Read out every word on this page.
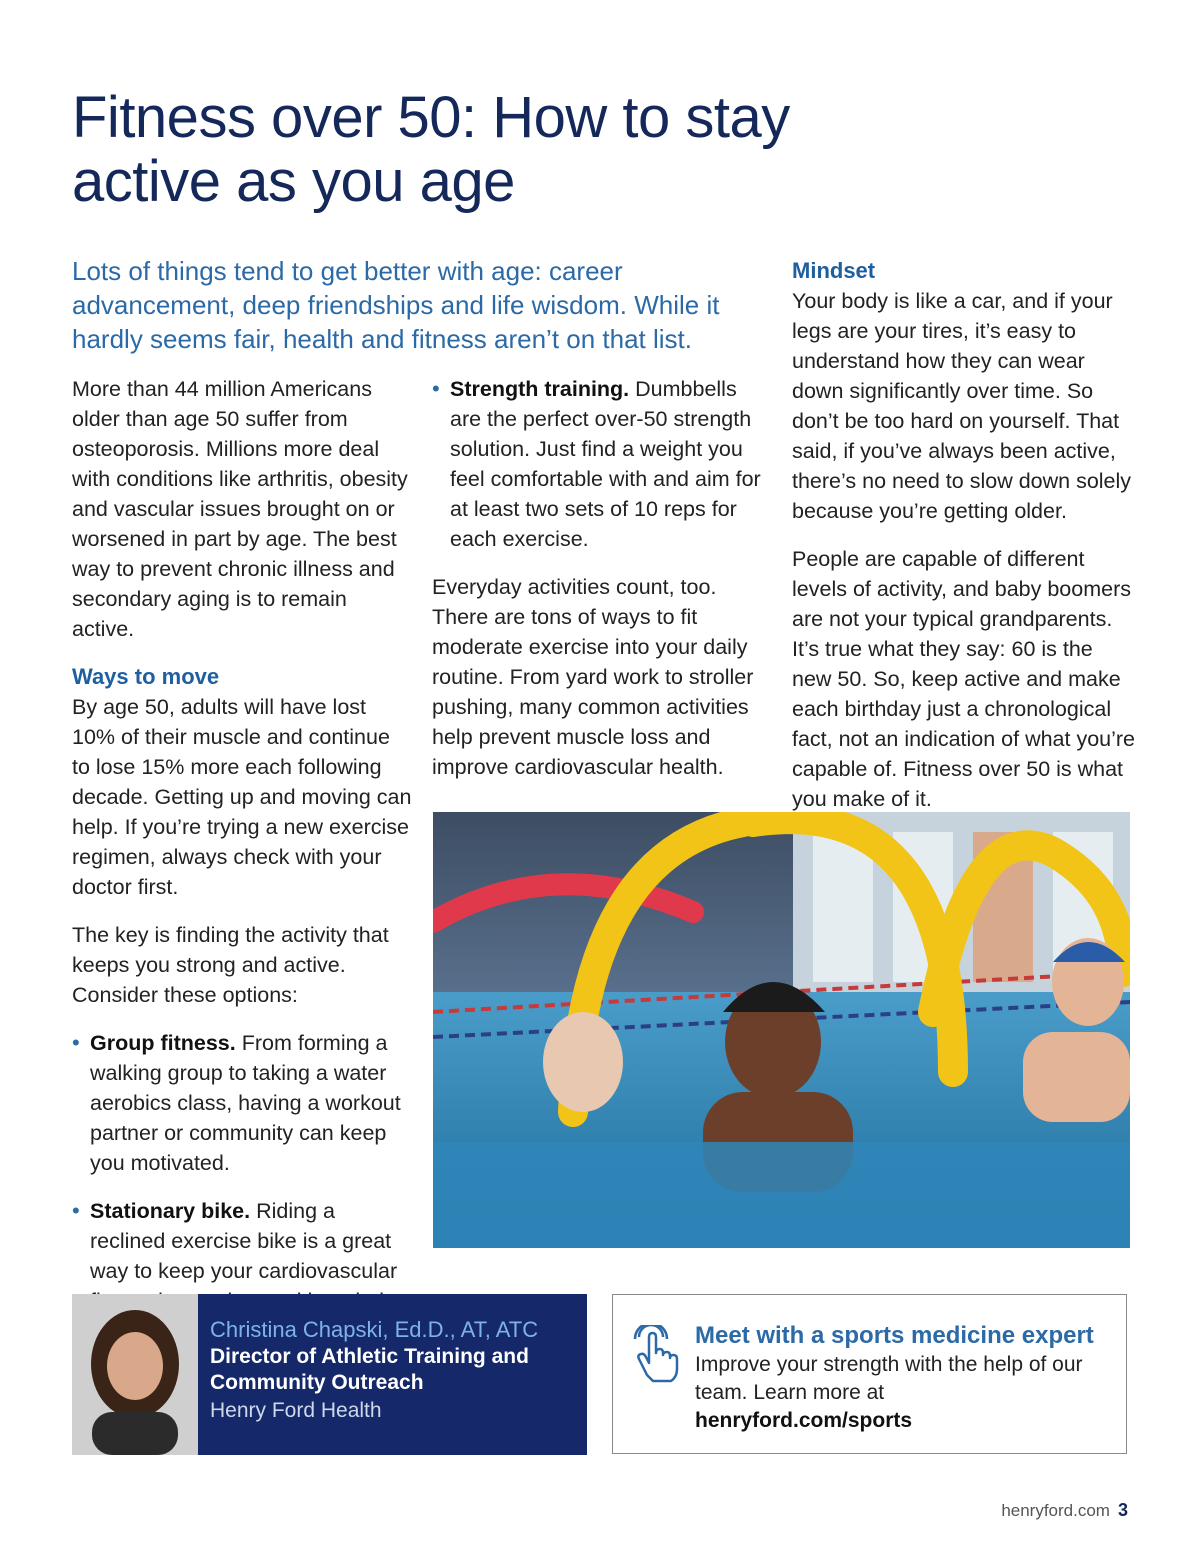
Fitness over 50: How to stay active as you age

Lots of things tend to get better with age: career advancement, deep friendships and life wisdom. While it hardly seems fair, health and fitness aren’t on that list.

More than 44 million Americans older than age 50 suffer from osteoporosis. Millions more deal with conditions like arthritis, obesity and vascular issues brought on or worsened in part by age. The best way to prevent chronic illness and secondary aging is to remain active.

Ways to move

By age 50, adults will have lost 10% of their muscle and continue to lose 15% more each following decade. Getting up and moving can help. If you’re trying a new exercise regimen, always check with your doctor first.

The key is finding the activity that keeps you strong and active. Consider these options:

• Group fitness. From forming a walking group to taking a water aerobics class, having a workout partner or community can keep you motivated.
• Stationary bike. Riding a reclined exercise bike is a great way to keep your cardiovascular
• Strength training. Dumbbells are the perfect over-50 strength solution. Just find a weight you feel comfortable with and aim for at least two sets of 10 reps for each exercise.

Everyday activities count, too. There are tons of ways to fit moderate exercise into your daily routine. From yard work to stroller pushing, many common activities help prevent muscle loss and improve cardiovascular health.

Mindset

Your body is like a car, and if your legs are your tires, it’s easy to understand how they can wear down significantly over time. So don’t be too hard on yourself. That said, if you’ve always been active, there’s no need to slow down solely because you’re getting older.

People are capable of different levels of activity, and baby boomers are not your typical grandparents. It’s true what they say: 60 is the new 50. So, keep active and make each birthday just a chronological fact, not an indication of what you’re capable of. Fitness over 50 is what you make of it.

Christina Chapski, Ed.D., AT, ATC
Director of Athletic Training and Community Outreach
Henry Ford Health
Meet with a sports medicine expert
Improve your strength with the help of our team. Learn more at
henryford.com/sports
henryford.com 3
